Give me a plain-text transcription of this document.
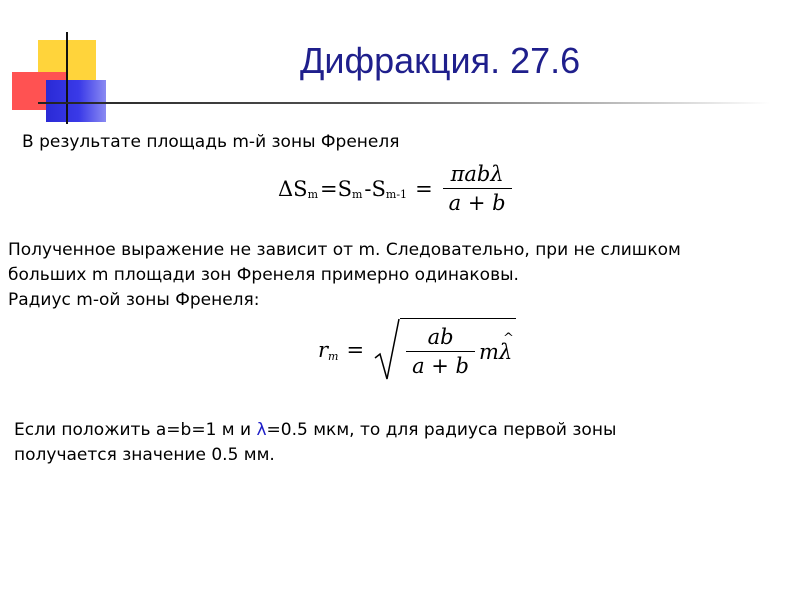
Дифракция. 27.6
В результате площадь m-й зоны Френеля
ΔS m =S m -S $m-1 = \frac{\text{πabλ}}{a + b}$
Полученное выражение не зависит от m. Следовательно, при не слишком
больших m площади зон Френеля примерно одинаковы.
Радиус m-ой зоны Френеля:
r $m = \frac{ab}{a + b}$ m
^ λ
Если положить a=b=1 м и λ=0.5 мкм, то для радиуса первой зоны
получается значение 0.5 мм.
